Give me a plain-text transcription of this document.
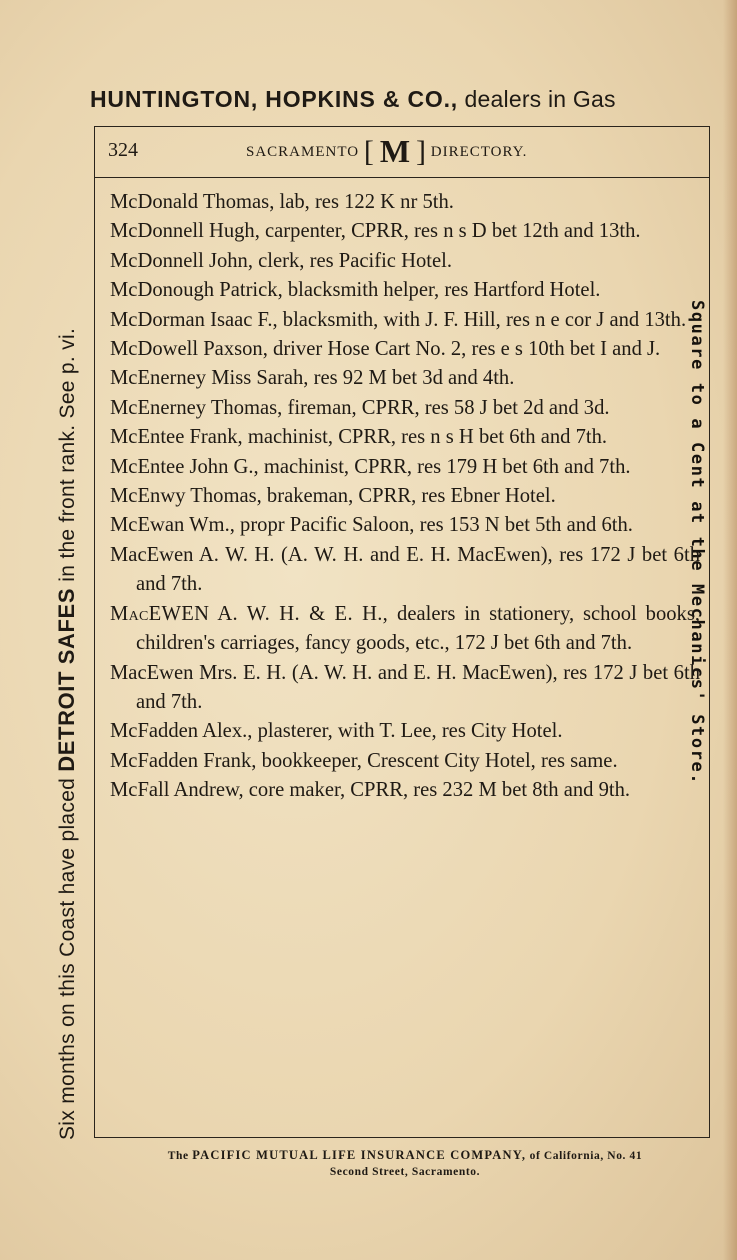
HUNTINGTON, HOPKINS & CO., dealers in Gas
Six months on this Coast have placed DETROIT SAFES in the front rank. See p. vi.	Square to a Cent at the Mechanics' Store.
324	SACRAMENTO [ M ] DIRECTORY.
McDonald Thomas, lab, res 122 K nr 5th.
McDonnell Hugh, carpenter, CPRR, res n s D bet 12th and 13th.
McDonnell John, clerk, res Pacific Hotel.
McDonough Patrick, blacksmith helper, res Hartford Hotel.
McDorman Isaac F., blacksmith, with J. F. Hill, res n e cor J and 13th.
McDowell Paxson, driver Hose Cart No. 2, res e s 10th bet I and J.
McEnerney Miss Sarah, res 92 M bet 3d and 4th.
McEnerney Thomas, fireman, CPRR, res 58 J bet 2d and 3d.
McEntee Frank, machinist, CPRR, res n s H bet 6th and 7th.
McEntee John G., machinist, CPRR, res 179 H bet 6th and 7th.
McEnwy Thomas, brakeman, CPRR, res Ebner Hotel.
McEwan Wm., propr Pacific Saloon, res 153 N bet 5th and 6th.
MacEwen A. W. H. (A. W. H. and E. H. MacEwen), res 172 J bet 6th and 7th.
MacEWEN A. W. H. & E. H., dealers in stationery, school books, children's carriages, fancy goods, etc., 172 J bet 6th and 7th.
MacEwen Mrs. E. H. (A. W. H. and E. H. MacEwen), res 172 J bet 6th and 7th.
McFadden Alex., plasterer, with T. Lee, res City Hotel.
McFadden Frank, bookkeeper, Crescent City Hotel, res same.
McFall Andrew, core maker, CPRR, res 232 M bet 8th and 9th.
The PACIFIC MUTUAL LIFE INSURANCE COMPANY, of California, No. 41
Second Street, Sacramento.
